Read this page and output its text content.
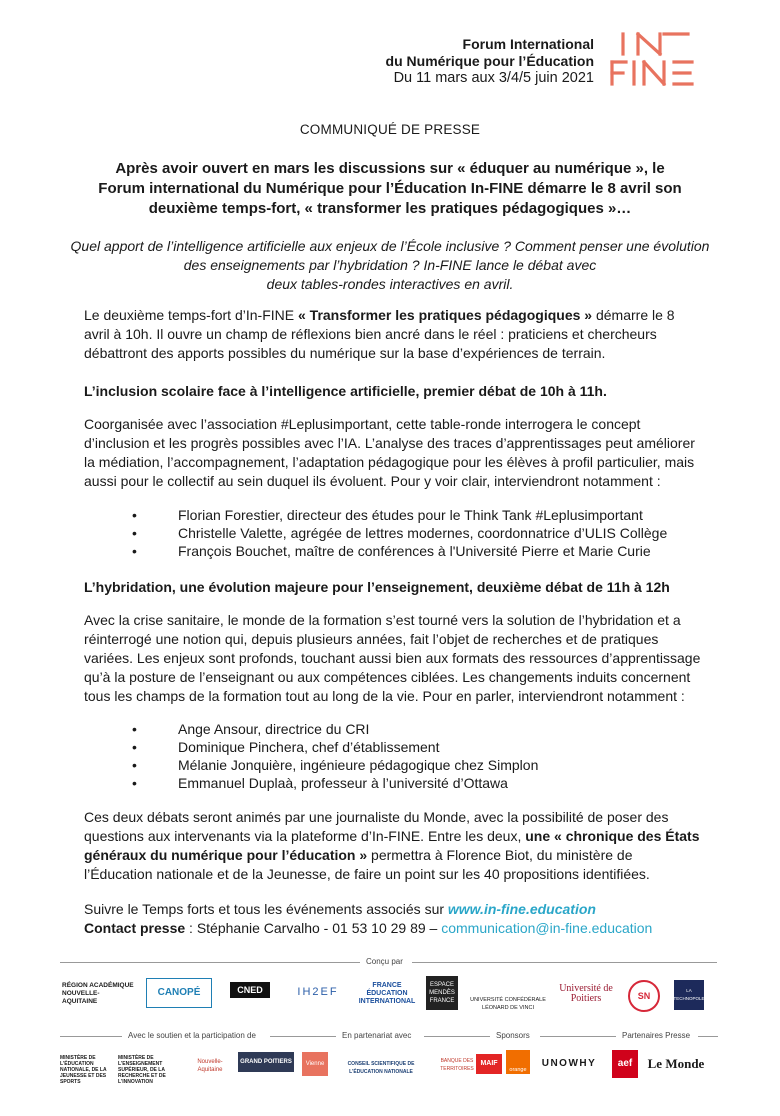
Forum International
du Numérique pour l’Éducation
Du 11 mars aux 3/4/5 juin 2021
COMMUNIQUÉ DE PRESSE
Après avoir ouvert en mars les discussions sur « éduquer au numérique », le Forum international du Numérique pour l’Éducation In-FINE démarre le 8 avril son deuxième temps-fort, « transformer les pratiques pédagogiques »…
Quel apport de l’intelligence artificielle aux enjeux de l’École inclusive ? Comment penser une évolution
des enseignements par l’hybridation ? In-FINE lance le débat avec
deux tables-rondes interactives en avril.
Le deuxième temps-fort d’In-FINE « Transformer les pratiques pédagogiques » démarre le 8 avril à 10h. Il ouvre un champ de réflexions bien ancré dans le réel : praticiens et chercheurs débattront des apports possibles du numérique sur la base d’expériences de terrain.
L’inclusion scolaire face à l’intelligence artificielle, premier débat de 10h à 11h.
Coorganisée avec l’association #Leplusimportant, cette table-ronde interrogera le concept d’inclusion et les progrès possibles avec l’IA. L’analyse des traces d’apprentissages peut améliorer la médiation, l’accompagnement, l’adaptation pédagogique pour les élèves à profil particulier, mais aussi pour le collectif au sein duquel ils évoluent. Pour y voir clair, interviendront notamment :
•	Florian Forestier, directeur des études pour le Think Tank #Leplusimportant
•	Christelle Valette, agrégée de lettres modernes, coordonnatrice d’ULIS Collège
•	François Bouchet, maître de conférences à l'Université Pierre et Marie Curie
L’hybridation, une évolution majeure pour l’enseignement, deuxième débat de 11h à 12h
Avec la crise sanitaire, le monde de la formation s’est tourné vers la solution de l’hybridation et a réinterrogé une notion qui, depuis plusieurs années, fait l’objet de recherches et de pratiques variées. Les enjeux sont profonds, touchant aussi bien aux formats des ressources d’apprentissage qu’à la posture de l’enseignant ou aux compétences ciblées. Les changements induits concernent tous les champs de la formation tout au long de la vie. Pour en parler, interviendront notamment :
•	Ange Ansour, directrice du CRI
•	Dominique Pinchera, chef d’établissement
•	Mélanie Jonquière, ingénieure pédagogique chez Simplon
•	Emmanuel Duplaà, professeur à l’université d’Ottawa
Ces deux débats seront animés par une journaliste du Monde, avec la possibilité de poser des questions aux intervenants via la plateforme d’In-FINE. Entre les deux, une « chronique des États généraux du numérique pour l’éducation » permettra à Florence Biot, du ministère de l’Éducation nationale et de la Jeunesse, de faire un point sur les 40 propositions identifiées.
Suivre le Temps forts et tous les événements associés sur www.in-fine.education
Contact presse : Stéphanie Carvalho - 01 53 10 29 89 – communication@in-fine.education
Conçu par
RÉGION ACADÉMIQUE NOUVELLE-AQUITAINE
CANOPÉ	CNED	IH2EF
FRANCE ÉDUCATION INTERNATIONAL
ESPACE MENDÈS FRANCE	UNIVERSITÉ CONFÉDÉRALE LÉONARD DE VINCI
Université de Poitiers	SN
LA TECHNOPOLE
Avec le soutien et la participation de	En partenariat avec	Sponsors	Partenaires Presse
MINISTÈRE DE L'ÉDUCATION NATIONALE, DE LA JEUNESSE ET DES SPORTS
MINISTÈRE DE L'ENSEIGNEMENT SUPÉRIEUR, DE LA RECHERCHE ET DE L'INNOVATION
Nouvelle-Aquitaine
GRAND POITIERS Vienne	CONSEIL SCIENTIFIQUE DE L'ÉDUCATION NATIONALE
BANQUE DES TERRITOIRES
MAIF
orange
UNOWHY aef Le Monde
